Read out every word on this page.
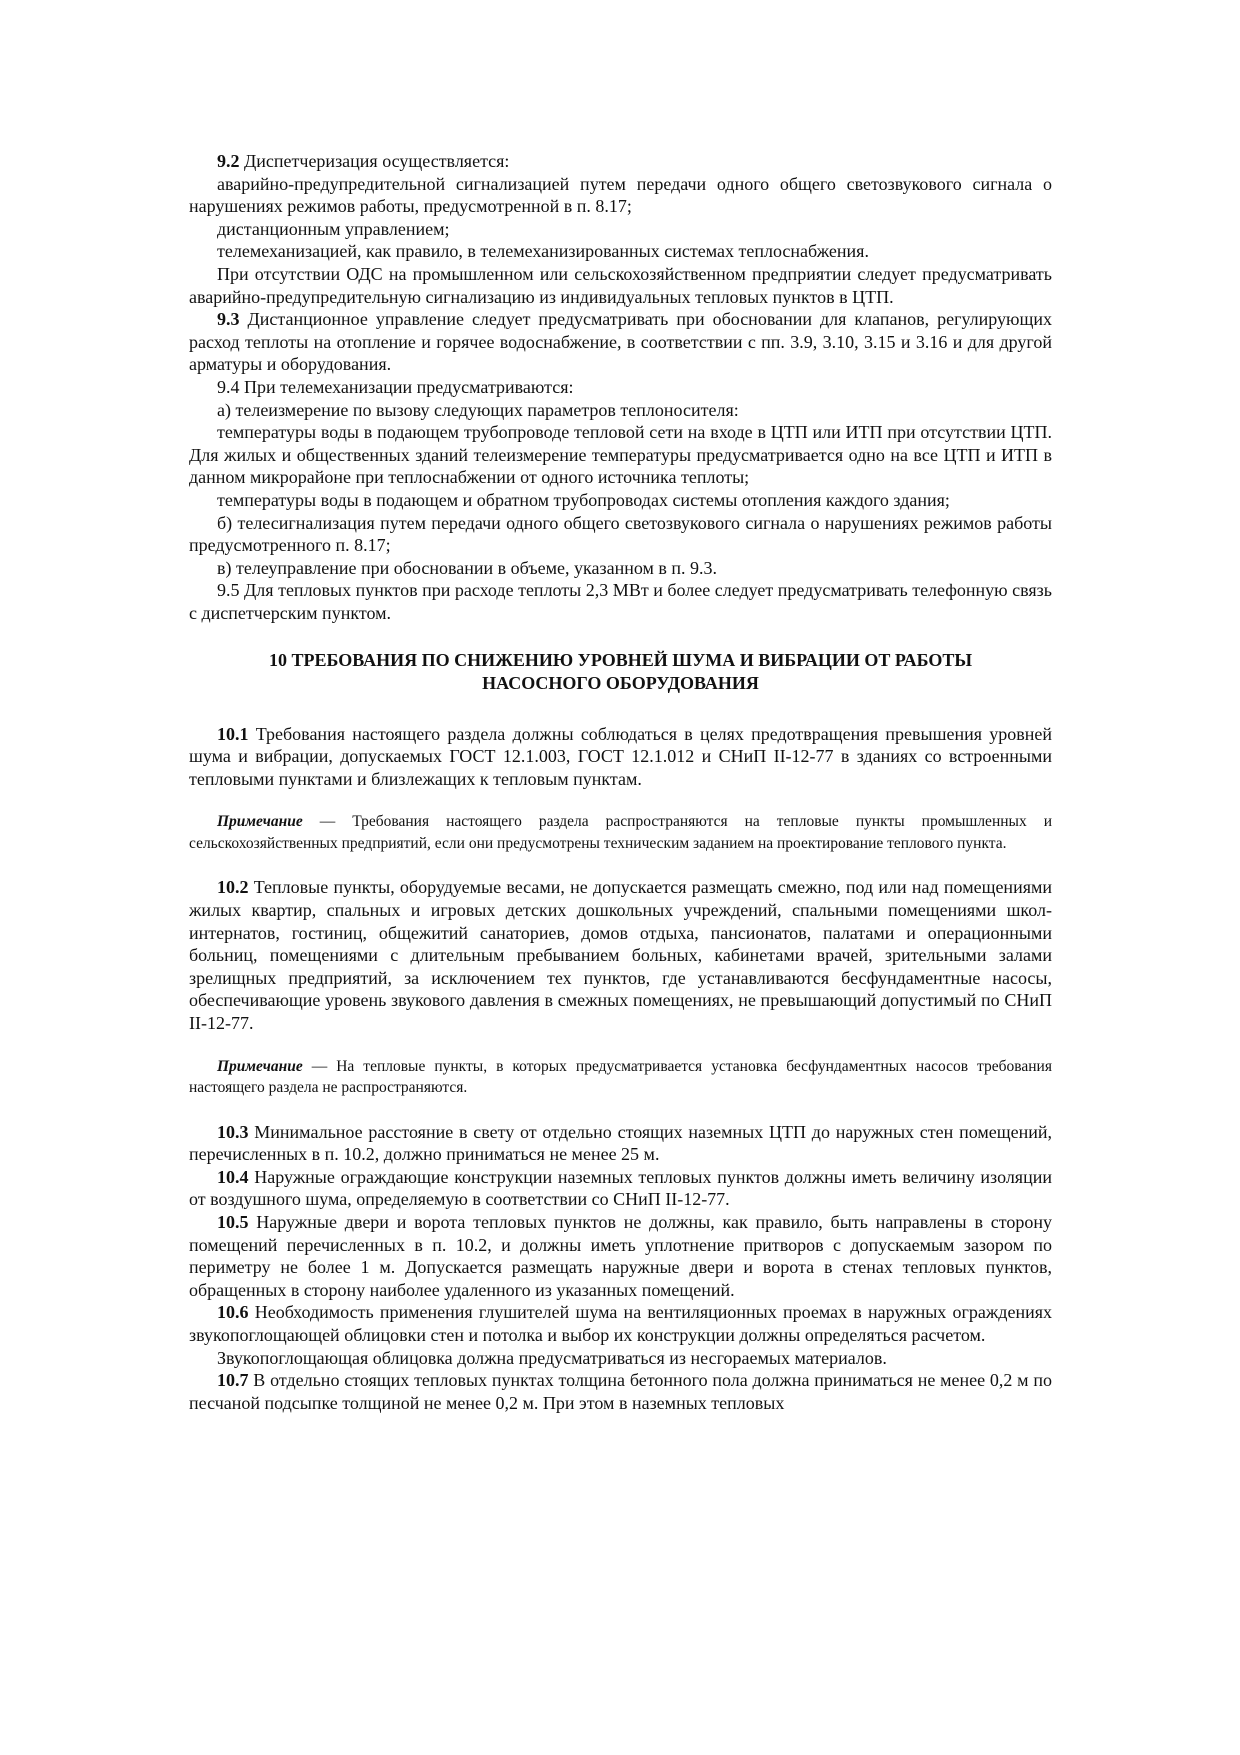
9.2 Диспетчеризация осуществляется:

аварийно-предупредительной сигнализацией путем передачи одного общего светозвукового сигнала о нарушениях режимов работы, предусмотренной в п. 8.17;

дистанционным управлением;

телемеханизацией, как правило, в телемеханизированных системах теплоснабжения.

При отсутствии ОДС на промышленном или сельскохозяйственном предприятии следует предусматривать аварийно-предупредительную сигнализацию из индивидуальных тепловых пунктов в ЦТП.

9.3 Дистанционное управление следует предусматривать при обосновании для клапанов, регулирующих расход теплоты на отопление и горячее водоснабжение, в соответствии с пп. 3.9, 3.10, 3.15 и 3.16 и для другой арматуры и оборудования.

9.4 При телемеханизации предусматриваются:

а) телеизмерение по вызову следующих параметров теплоносителя:

температуры воды в подающем трубопроводе тепловой сети на входе в ЦТП или ИТП при отсутствии ЦТП. Для жилых и общественных зданий телеизмерение температуры предусматривается одно на все ЦТП и ИТП в данном микрорайоне при теплоснабжении от одного источника теплоты;

температуры воды в подающем и обратном трубопроводах системы отопления каждого здания;

б) телесигнализация путем передачи одного общего светозвукового сигнала о нарушениях режимов работы предусмотренного п. 8.17;

в) телеуправление при обосновании в объеме, указанном в п. 9.3.

9.5 Для тепловых пунктов при расходе теплоты 2,3 МВт и более следует предусматривать телефонную связь с диспетчерским пунктом.

10 ТРЕБОВАНИЯ ПО СНИЖЕНИЮ УРОВНЕЙ ШУМА И ВИБРАЦИИ ОТ РАБОТЫ
НАСОСНОГО ОБОРУДОВАНИЯ

10.1 Требования настоящего раздела должны соблюдаться в целях предотвращения превышения уровней шума и вибрации, допускаемых ГОСТ 12.1.003, ГОСТ 12.1.012 и СНиП II-12-77 в зданиях со встроенными тепловыми пунктами и близлежащих к тепловым пунктам.

Примечание — Требования настоящего раздела распространяются на тепловые пункты промышленных и сельскохозяйственных предприятий, если они предусмотрены техническим заданием на проектирование теплового пункта.

10.2 Тепловые пункты, оборудуемые весами, не допускается размещать смежно, под или над помещениями жилых квартир, спальных и игровых детских дошкольных учреждений, спальными помещениями школ-интернатов, гостиниц, общежитий санаториев, домов отдыха, пансионатов, палатами и операционными больниц, помещениями с длительным пребыванием больных, кабинетами врачей, зрительными залами зрелищных предприятий, за исключением тех пунктов, где устанавливаются бесфундаментные насосы, обеспечивающие уровень звукового давления в смежных помещениях, не превышающий допустимый по СНиП II-12-77.

Примечание — На тепловые пункты, в которых предусматривается установка бесфундаментных насосов требования настоящего раздела не распространяются.

10.3 Минимальное расстояние в свету от отдельно стоящих наземных ЦТП до наружных стен помещений, перечисленных в п. 10.2, должно приниматься не менее 25 м.

10.4 Наружные ограждающие конструкции наземных тепловых пунктов должны иметь величину изоляции от воздушного шума, определяемую в соответствии со СНиП II-12-77.

10.5 Наружные двери и ворота тепловых пунктов не должны, как правило, быть направлены в сторону помещений перечисленных в п. 10.2, и должны иметь уплотнение притворов с допускаемым зазором по периметру не более 1 м. Допускается размещать наружные двери и ворота в стенах тепловых пунктов, обращенных в сторону наиболее удаленного из указанных помещений.

10.6 Необходимость применения глушителей шума на вентиляционных проемах в наружных ограждениях звукопоглощающей облицовки стен и потолка и выбор их конструкции должны определяться расчетом.

Звукопоглощающая облицовка должна предусматриваться из несгораемых материалов.

10.7 В отдельно стоящих тепловых пунктах толщина бетонного пола должна приниматься не менее 0,2 м по песчаной подсыпке толщиной не менее 0,2 м. При этом в наземных тепловых
